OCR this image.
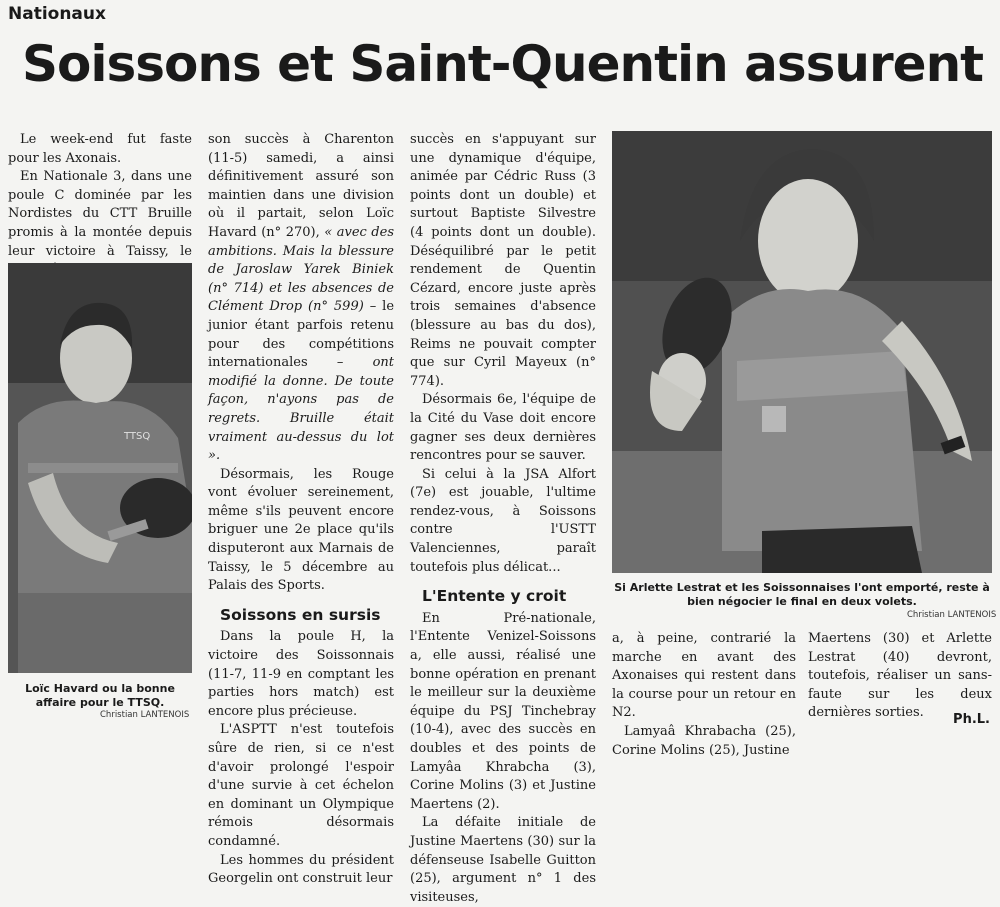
Nationaux
Soissons et Saint-Quentin assurent

Le week-end fut faste pour les Axonais.

En Nationale 3, dans une poule C dominée par les Nordistes du CTT Bruille promis à la montée depuis leur victoire à Taissy, le

TTSQ
Loïc Havard ou la bonne affaire pour le TTSQ.
Christian LANTENOIS

son succès à Charenton (11-5) samedi, a ainsi définitivement assuré son maintien dans une division où il partait, selon Loïc Havard (n° 270), « avec des ambitions. Mais la blessure de Jaroslaw Yarek Biniek (n° 714) et les absences de Clément Drop (n° 599) – le junior étant parfois retenu pour des compétitions internationales – ont modifié la donne. De toute façon, n'ayons pas de regrets. Bruille était vraiment au-dessus du lot ».

Désormais, les Rouge vont évoluer sereinement, même s'ils peuvent encore briguer une 2e place qu'ils disputeront aux Marnais de Taissy, le 5 décembre au Palais des Sports.

Soissons en sursis

Dans la poule H, la victoire des Soissonnais (11-7, 11-9 en comptant les parties hors match) est encore plus précieuse.

L'ASPTT n'est toutefois sûre de rien, si ce n'est d'avoir prolongé l'espoir d'une survie à cet échelon en dominant un Olympique rémois désormais condamné.

Les hommes du président Georgelin ont construit leur

succès en s'appuyant sur une dynamique d'équipe, animée par Cédric Russ (3 points dont un double) et surtout Baptiste Silvestre (4 points dont un double). Déséquilibré par le petit rendement de Quentin Cézard, encore juste après trois semaines d'absence (blessure au bas du dos), Reims ne pouvait compter que sur Cyril Mayeux (n° 774).

Désormais 6e, l'équipe de la Cité du Vase doit encore gagner ses deux dernières rencontres pour se sauver.

Si celui à la JSA Alfort (7e) est jouable, l'ultime rendez-vous, à Soissons contre l'USTT Valenciennes, paraît toutefois plus délicat...

L'Entente y croit

En Pré-nationale, l'Entente Venizel-Soissons a, elle aussi, réalisé une bonne opération en prenant le meilleur sur la deuxième équipe du PSJ Tinchebray (10-4), avec des succès en doubles et des points de Lamyâa Khrabcha (3), Corine Molins (3) et Justine Maertens (2).

La défaite initiale de Justine Maertens (30) sur la défenseuse Isabelle Guitton (25), argument n° 1 des visiteuses,

Si Arlette Lestrat et les Soissonnaises l'ont emporté, reste à bien négocier le final en deux volets.
Christian LANTENOIS

a, à peine, contrarié la marche en avant des Axonaises qui restent dans la course pour un retour en N2.

Lamyaâ Khrabacha (25), Corine Molins (25), Justine

Maertens (30) et Arlette Lestrat (40) devront, toutefois, réaliser un sans-faute sur les deux dernières sorties.	Ph.L.
